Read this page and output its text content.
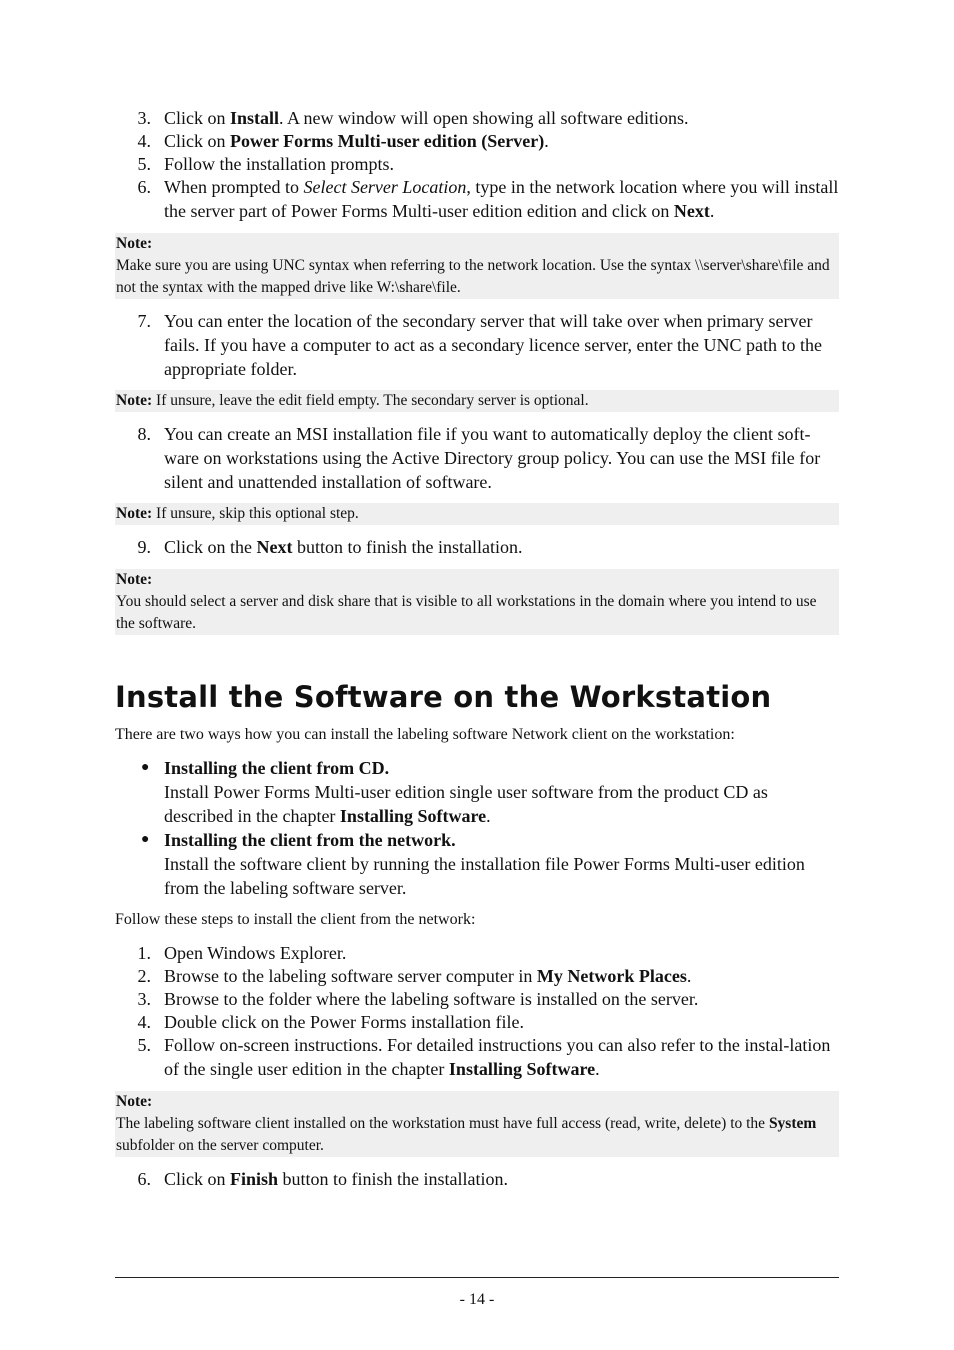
3. Click on Install. A new window will open showing all software editions.
4. Click on Power Forms Multi-user edition (Server).
5. Follow the installation prompts.
6. When prompted to Select Server Location, type in the network location where you will install the server part of Power Forms Multi-user edition edition and click on Next.

Note:

Make sure you are using UNC syntax when referring to the network location. Use the syntax \\server\share\file and not the syntax with the mapped drive like W:\share\file.

7. You can enter the location of the secondary server that will take over when primary server fails. If you have a computer to act as a secondary licence server, enter the UNC path to the appropriate folder.

Note: If unsure, leave the edit field empty. The secondary server is optional.

8. You can create an MSI installation file if you want to automatically deploy the client soft-ware on workstations using the Active Directory group policy. You can use the MSI file for silent and unattended installation of software.

Note: If unsure, skip this optional step.

9. Click on the Next button to finish the installation.

Note:

You should select a server and disk share that is visible to all workstations in the domain where you intend to use the software.

Install the Software on the Workstation

There are two ways how you can install the labeling software Network client on the workstation:

● Installing the client from CD.
Install Power Forms Multi-user edition single user software from the product CD as described in the chapter Installing Software.
● Installing the client from the network.
Install the software client by running the installation file Power Forms Multi-user edition from the labeling software server.

Follow these steps to install the client from the network:

1. Open Windows Explorer.
2. Browse to the labeling software server computer in My Network Places.
3. Browse to the folder where the labeling software is installed on the server.
4. Double click on the Power Forms installation file.
5. Follow on-screen instructions. For detailed instructions you can also refer to the instal-lation of the single user edition in the chapter Installing Software.

Note:

The labeling software client installed on the workstation must have full access (read, write, delete) to the System subfolder on the server computer.

6. Click on Finish button to finish the installation.
- 14 -
